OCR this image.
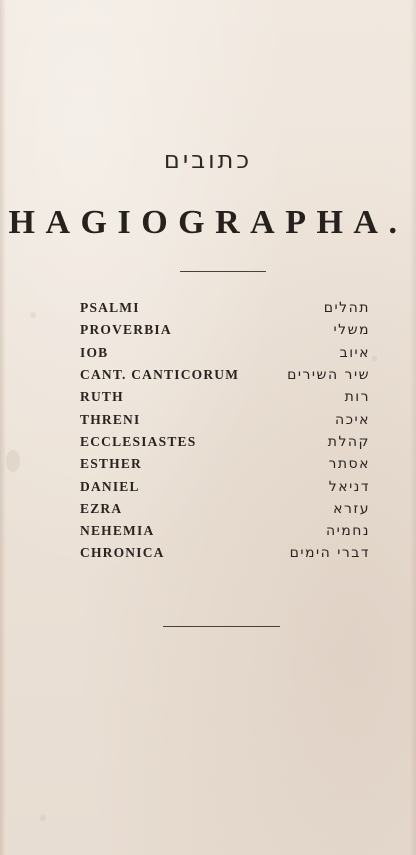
כתובים
HAGIOGRAPHA.
PSALMI	תהלים
PROVERBIA	משלי
IOB	איוב
CANT. CANTICORUM	שיר השירים
RUTH	רות
THRENI	איכה
ECCLESIASTES	קהלת
ESTHER	אסתר
DANIEL	דניאל
EZRA	עזרא
NEHEMIA	נחמיה
CHRONICA	דברי הימים
